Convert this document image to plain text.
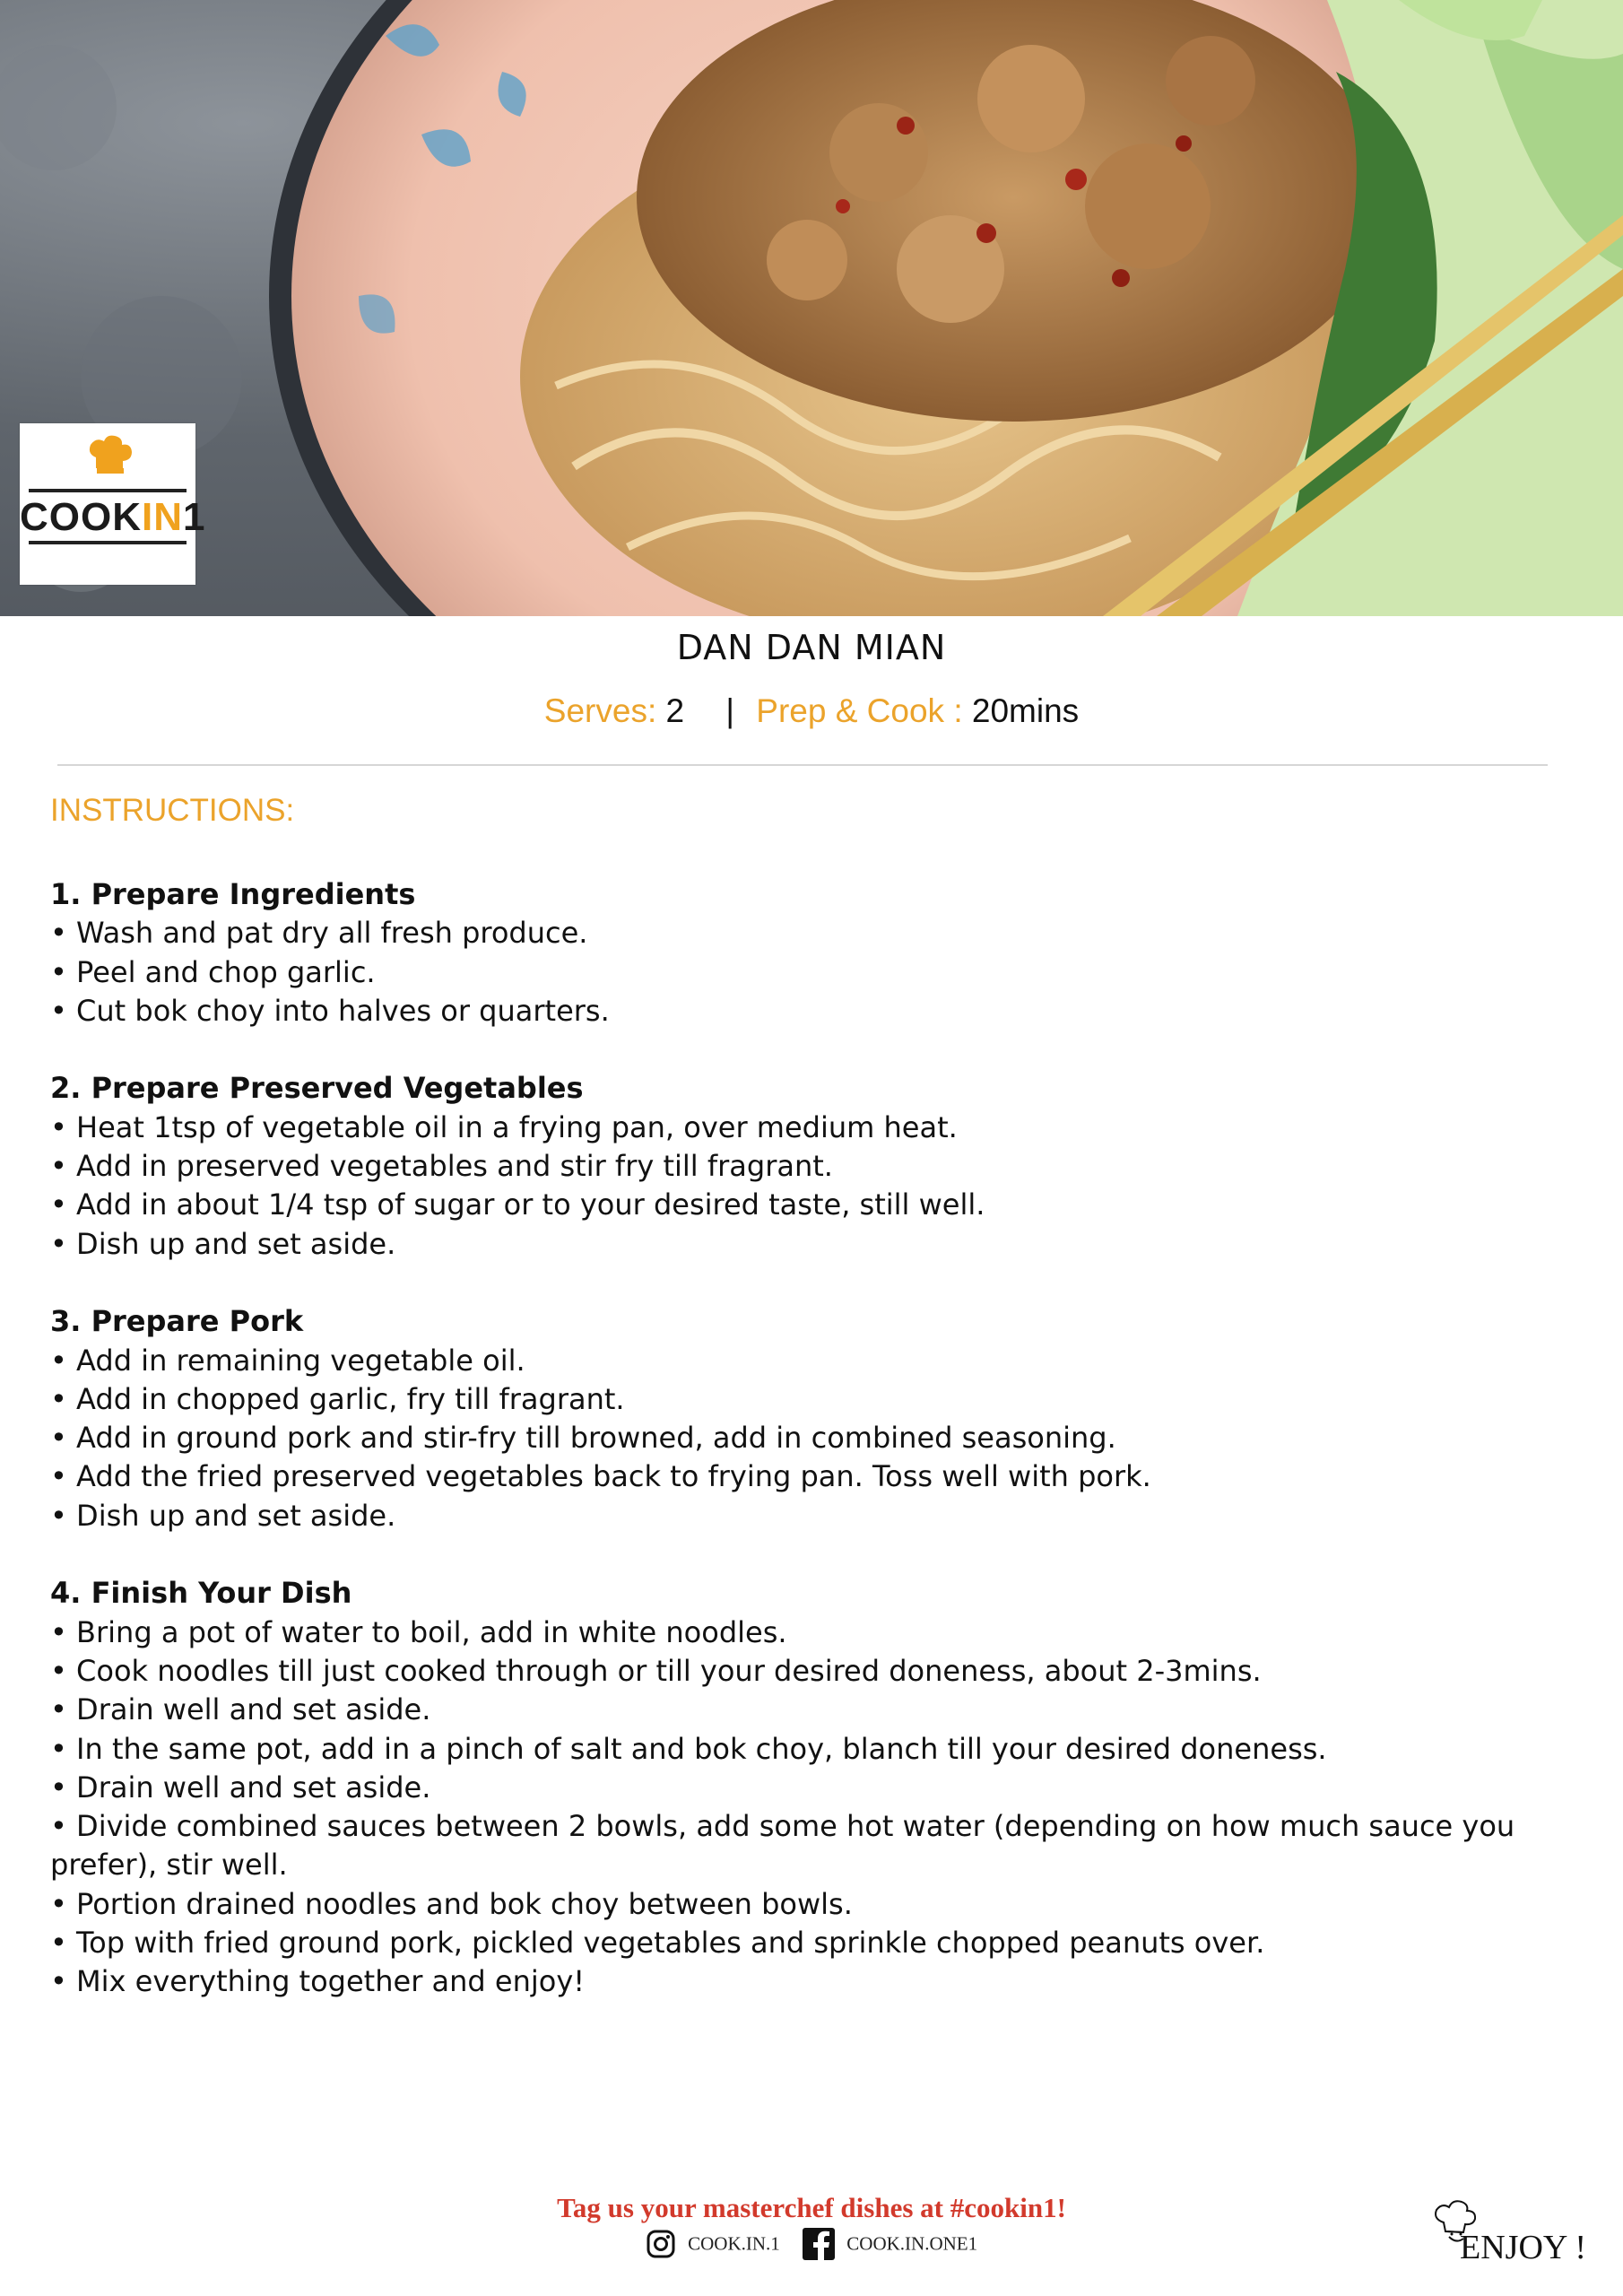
COOKIN1
DAN DAN MIAN
Serves: 2 | Prep & Cook : 20mins
INSTRUCTIONS:
1. Prepare Ingredients
• Wash and pat dry all fresh produce.
• Peel and chop garlic.
• Cut bok choy into halves or quarters.
2. Prepare Preserved Vegetables
• Heat 1tsp of vegetable oil in a frying pan, over medium heat.
• Add in preserved vegetables and stir fry till fragrant.
• Add in about 1/4 tsp of sugar or to your desired taste, still well.
• Dish up and set aside.
3. Prepare Pork
• Add in remaining vegetable oil.
• Add in chopped garlic, fry till fragrant.
• Add in ground pork and stir-fry till browned, add in combined seasoning.
• Add the fried preserved vegetables back to frying pan. Toss well with pork.
• Dish up and set aside.
4. Finish Your Dish
• Bring a pot of water to boil, add in white noodles.
• Cook noodles till just cooked through or till your desired doneness, about 2-3mins.
• Drain well and set aside.
• In the same pot, add in a pinch of salt and bok choy, blanch till your desired doneness.
• Drain well and set aside.
• Divide combined sauces between 2 bowls, add some hot water (depending on how much sauce you prefer), stir well.
• Portion drained noodles and bok choy between bowls.
• Top with fried ground pork, pickled vegetables and sprinkle chopped peanuts over.
• Mix everything together and enjoy!
Tag us your masterchef dishes at #cookin1!
COOK.IN.1	COOK.IN.ONE1	ENJOY !
